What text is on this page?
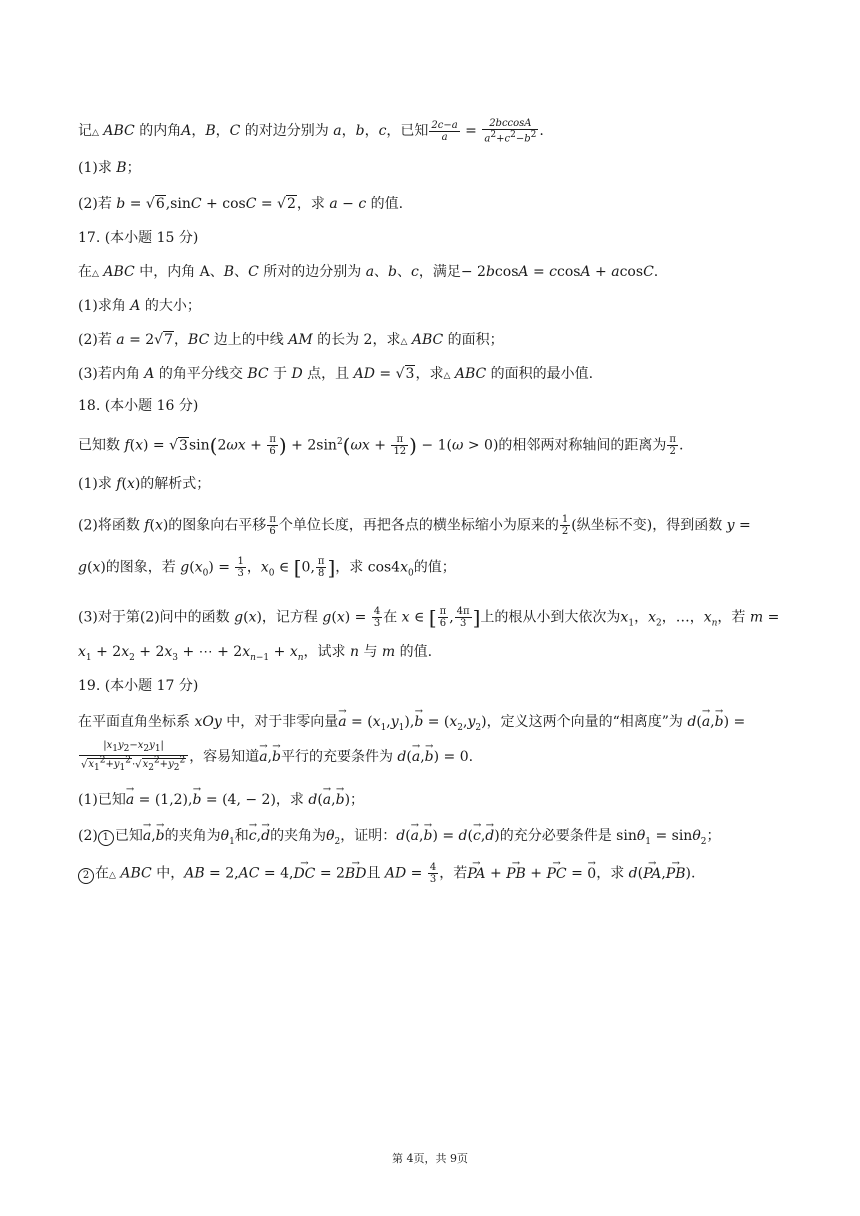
记△ ABC 的内角A，B，C 的对边分别为 a，b，c，已知 $\frac{2c-a}{a} = \frac{2bccosA}{a^2+c^2-b^2}$ .
(1)求 B；
(2)若 b = √6,sinC + cosC = √2，求 a − c 的值.
17. (本小题 15 分)
在△ ABC 中，内角 A、B、C 所对的边分别为 a、b、c，满足− 2bcosA = ccosA + acosC.
(1)求角 A 的大小；
(2)若 a = 2√7，BC 边上的中线 AM 的长为 2，求△ ABC 的面积；
(3)若内角 A 的角平分线交 BC 于 D 点，且 AD = √3，求△ ABC 的面积的最小值.
18. (本小题 16 分)
已知数 $f(x) = √3\sin(2\omega x + \frac{\pi}{6}$ ) + $2\sin^2(\omega x + \frac{\pi}{12}$ ) − 1(ω > 0)的相邻两对称轴间的距离为 $\frac{\pi}{2}$ .
(1)求 f(x)的解析式；
(2)将函数 f(x)的图象向右平移 $\frac{\pi}{6}$ 个单位长度，再把各点的横坐标缩小为原来的 $\frac{1}{2}$ (纵坐标不变)，得到函数 y =
g(x)的图象，若 $g(x_0) = \frac{1}{3}$ ，$x_0$ ∈ [0, $\frac{\pi}{8}$ ]，求 $\cos 4x_0$的值；
(3)对于第(2)问中的函数 g(x)，记方程 $g(x) = \frac{4}{3}$ 在 x ∈ [ $\frac{\pi}{6}$ , $\frac{4\pi}{3}$ ]上的根从小到大依次为$x_1$，$x_2$，…，$x_n$，若 m =
$x_1 + 2x_2 + 2x_3$ + ⋯ + $2x_{n-1} + x_n$，试求 n 与 m 的值.
19. (本小题 17 分)
在平面直角坐标系 xOy 中，对于非零向量→ $a = (x_1,y_1),\to b = (x_2,y_2)$，定义这两个向量的“相离度”为 d(→ a,→ b) =
$\frac{|x_1y_2-x_2y_1|}{√x_1^2+y_1^2\cdot√x_2^2+y_2^2}$ ，容易知道→ a,→ b平行的充要条件为 d(→ a,→ b) = 0.
(1)已知→ a = (1,2),→ b = (4, − 2)，求 d(→ a,→ b)；
(2) 1 已知→ a,→ b的夹角为$\theta_1$和→ c,→ d的夹角为$\theta_2$，证明：d(→ a,→ b) = d(→ c,→ d)的充分必要条件是 sinθ$_1$ = sinθ$_2$；
2 在△ ABC 中，AB = 2,AC = 4,→ DC = 2→ BD且 AD = $\frac{4}{3}$ ，若→ PA + → PB + → PC = → 0，求 d(→ PA,→ PB).
第 4页，共 9页
